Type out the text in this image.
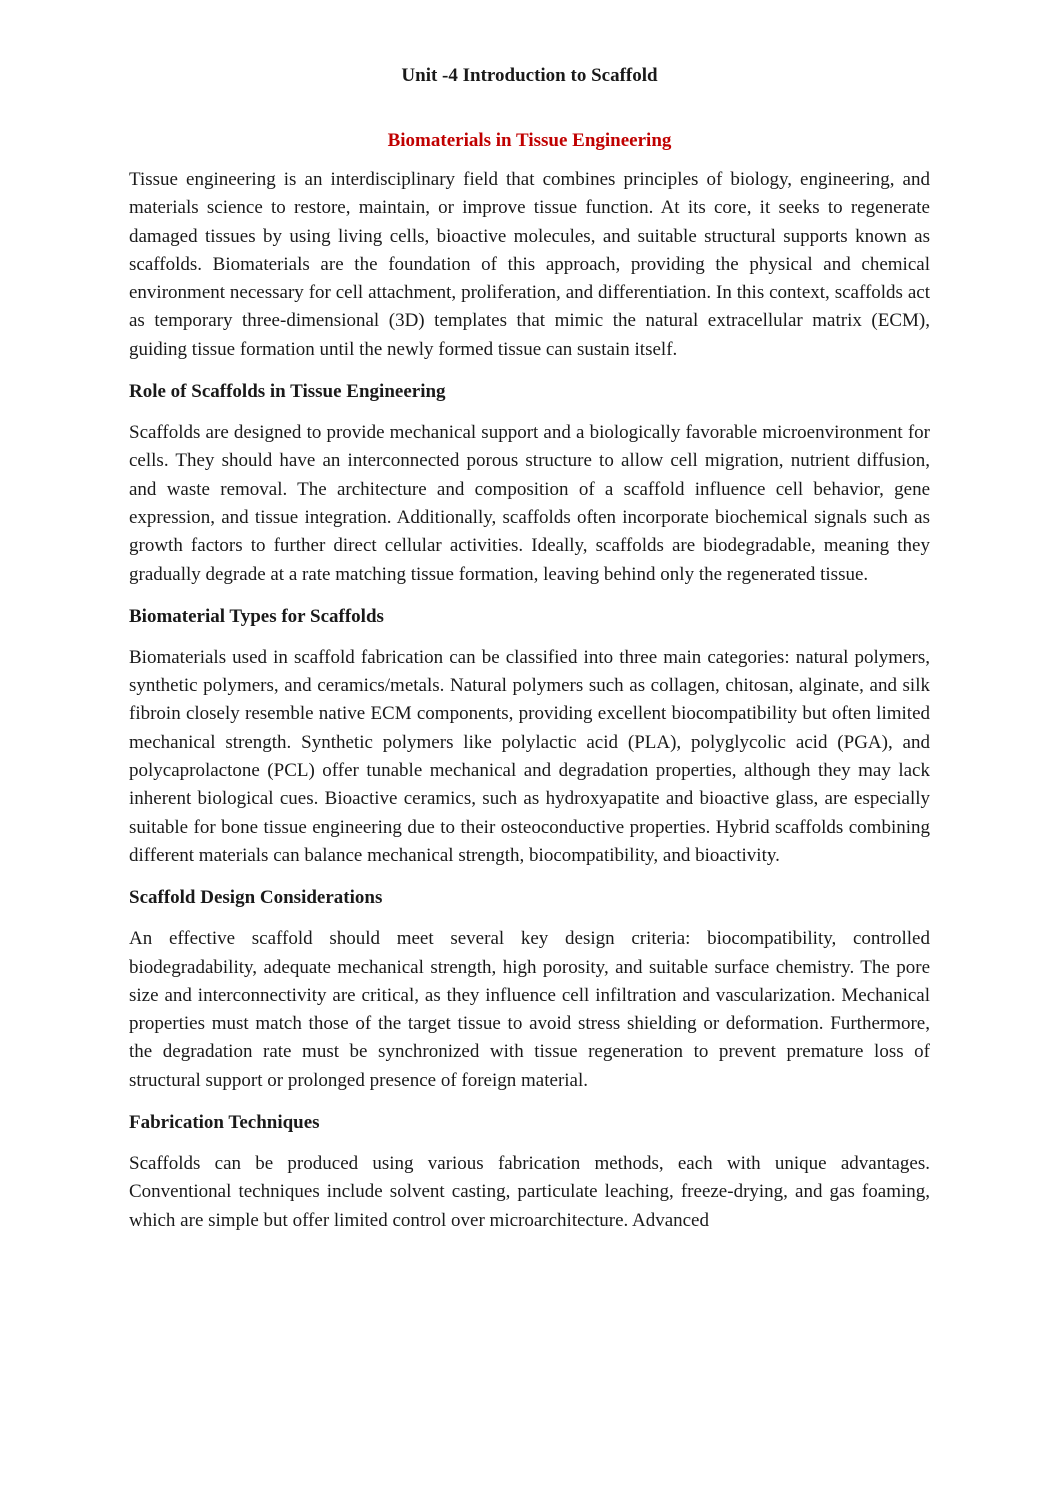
Unit -4 Introduction to Scaffold
Biomaterials in Tissue Engineering

Tissue engineering is an interdisciplinary field that combines principles of biology, engineering, and materials science to restore, maintain, or improve tissue function. At its core, it seeks to regenerate damaged tissues by using living cells, bioactive molecules, and suitable structural supports known as scaffolds. Biomaterials are the foundation of this approach, providing the physical and chemical environment necessary for cell attachment, proliferation, and differentiation. In this context, scaffolds act as temporary three-dimensional (3D) templates that mimic the natural extracellular matrix (ECM), guiding tissue formation until the newly formed tissue can sustain itself.

Role of Scaffolds in Tissue Engineering

Scaffolds are designed to provide mechanical support and a biologically favorable microenvironment for cells. They should have an interconnected porous structure to allow cell migration, nutrient diffusion, and waste removal. The architecture and composition of a scaffold influence cell behavior, gene expression, and tissue integration. Additionally, scaffolds often incorporate biochemical signals such as growth factors to further direct cellular activities. Ideally, scaffolds are biodegradable, meaning they gradually degrade at a rate matching tissue formation, leaving behind only the regenerated tissue.

Biomaterial Types for Scaffolds

Biomaterials used in scaffold fabrication can be classified into three main categories: natural polymers, synthetic polymers, and ceramics/metals. Natural polymers such as collagen, chitosan, alginate, and silk fibroin closely resemble native ECM components, providing excellent biocompatibility but often limited mechanical strength. Synthetic polymers like polylactic acid (PLA), polyglycolic acid (PGA), and polycaprolactone (PCL) offer tunable mechanical and degradation properties, although they may lack inherent biological cues. Bioactive ceramics, such as hydroxyapatite and bioactive glass, are especially suitable for bone tissue engineering due to their osteoconductive properties. Hybrid scaffolds combining different materials can balance mechanical strength, biocompatibility, and bioactivity.

Scaffold Design Considerations

An effective scaffold should meet several key design criteria: biocompatibility, controlled biodegradability, adequate mechanical strength, high porosity, and suitable surface chemistry. The pore size and interconnectivity are critical, as they influence cell infiltration and vascularization. Mechanical properties must match those of the target tissue to avoid stress shielding or deformation. Furthermore, the degradation rate must be synchronized with tissue regeneration to prevent premature loss of structural support or prolonged presence of foreign material.

Fabrication Techniques

Scaffolds can be produced using various fabrication methods, each with unique advantages. Conventional techniques include solvent casting, particulate leaching, freeze-drying, and gas foaming, which are simple but offer limited control over microarchitecture. Advanced
